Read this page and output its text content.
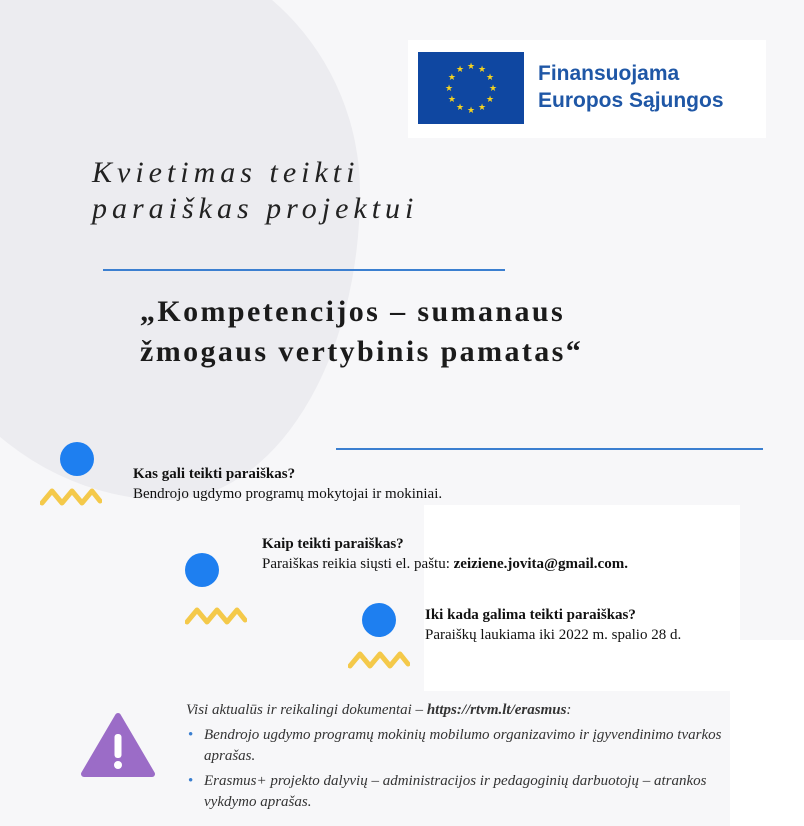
★ ★
★
★
★
★
★
★
★
★
★
★	Finansuojama
Europos Sąjungos
Kvietimas teikti
paraiškas projektui
„Kompetencijos – sumanaus
žmogaus vertybinis pamatas“
Kas gali teikti paraiškas?
Bendrojo ugdymo programų mokytojai ir mokiniai.
Kaip teikti paraiškas?
Paraiškas reikia siųsti el. paštu: zeiziene.jovita@gmail.com.
Iki kada galima teikti paraiškas?
Paraiškų laukiama iki 2022 m. spalio 28 d.
Visi aktualūs ir reikalingi dokumentai – https://rtvm.lt/erasmus:
• Bendrojo ugdymo programų mokinių mobilumo organizavimo ir įgyvendinimo tvarkos aprašas.
• Erasmus+ projekto dalyvių – administracijos ir pedagoginių darbuotojų – atrankos vykdymo aprašas.
